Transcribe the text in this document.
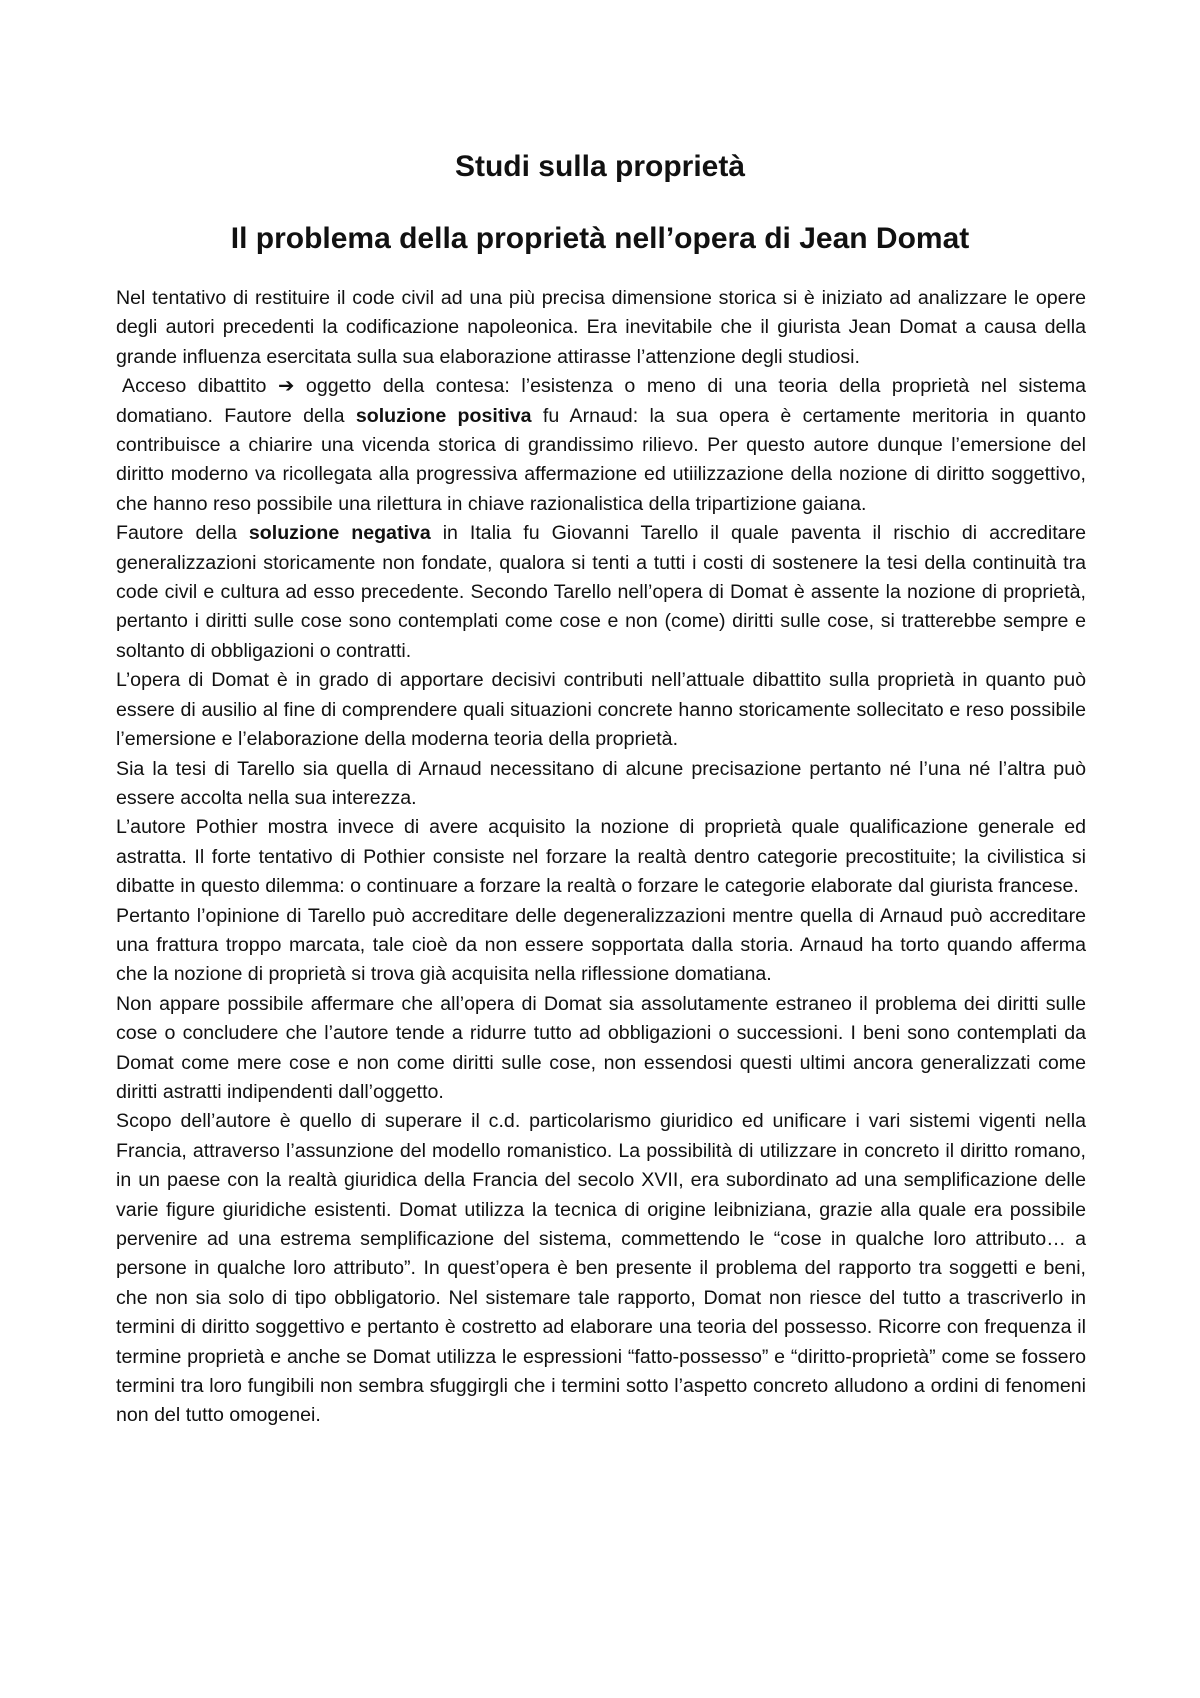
Studi sulla proprietà
Il problema della proprietà nell’opera di Jean Domat

Nel tentativo di restituire il code civil ad una più precisa dimensione storica si è iniziato ad analizzare le opere degli autori precedenti la codificazione napoleonica. Era inevitabile che il giurista Jean Domat a causa della grande influenza esercitata sulla sua elaborazione attirasse l’attenzione degli studiosi.

Acceso dibattito ➔ oggetto della contesa: l’esistenza o meno di una teoria della proprietà nel sistema domatiano. Fautore della soluzione positiva fu Arnaud: la sua opera è certamente meritoria in quanto contribuisce a chiarire una vicenda storica di grandissimo rilievo. Per questo autore dunque l’emersione del diritto moderno va ricollegata alla progressiva affermazione ed utiilizzazione della nozione di diritto soggettivo, che hanno reso possibile una rilettura in chiave razionalistica della tripartizione gaiana.

Fautore della soluzione negativa in Italia fu Giovanni Tarello il quale paventa il rischio di accreditare generalizzazioni storicamente non fondate, qualora si tenti a tutti i costi di sostenere la tesi della continuità tra code civil e cultura ad esso precedente. Secondo Tarello nell’opera di Domat è assente la nozione di proprietà, pertanto i diritti sulle cose sono contemplati come cose e non (come) diritti sulle cose, si tratterebbe sempre e soltanto di obbligazioni o contratti.

L’opera di Domat è in grado di apportare decisivi contributi nell’attuale dibattito sulla proprietà in quanto può essere di ausilio al fine di comprendere quali situazioni concrete hanno storicamente sollecitato e reso possibile l’emersione e l’elaborazione della moderna teoria della proprietà.

Sia la tesi di Tarello sia quella di Arnaud necessitano di alcune precisazione pertanto né l’una né l’altra può essere accolta nella sua interezza.

L’autore Pothier mostra invece di avere acquisito la nozione di proprietà quale qualificazione generale ed astratta. Il forte tentativo di Pothier consiste nel forzare la realtà dentro categorie precostituite; la civilistica si dibatte in questo dilemma: o continuare a forzare la realtà o forzare le categorie elaborate dal giurista francese.

Pertanto l’opinione di Tarello può accreditare delle degeneralizzazioni mentre quella di Arnaud può accreditare una frattura troppo marcata, tale cioè da non essere sopportata dalla storia. Arnaud ha torto quando afferma che la nozione di proprietà si trova già acquisita nella riflessione domatiana.

Non appare possibile affermare che all’opera di Domat sia assolutamente estraneo il problema dei diritti sulle cose o concludere che l’autore tende a ridurre tutto ad obbligazioni o successioni. I beni sono contemplati da Domat come mere cose e non come diritti sulle cose, non essendosi questi ultimi ancora generalizzati come diritti astratti indipendenti dall’oggetto.

Scopo dell’autore è quello di superare il c.d. particolarismo giuridico ed unificare i vari sistemi vigenti nella Francia, attraverso l’assunzione del modello romanistico. La possibilità di utilizzare in concreto il diritto romano, in un paese con la realtà giuridica della Francia del secolo XVII, era subordinato ad una semplificazione delle varie figure giuridiche esistenti. Domat utilizza la tecnica di origine leibniziana, grazie alla quale era possibile pervenire ad una estrema semplificazione del sistema, commettendo le “cose in qualche loro attributo… a persone in qualche loro attributo”. In quest’opera è ben presente il problema del rapporto tra soggetti e beni, che non sia solo di tipo obbligatorio. Nel sistemare tale rapporto, Domat non riesce del tutto a trascriverlo in termini di diritto soggettivo e pertanto è costretto ad elaborare una teoria del possesso. Ricorre con frequenza il termine proprietà e anche se Domat utilizza le espressioni “fatto-possesso” e “diritto-proprietà” come se fossero termini tra loro fungibili non sembra sfuggirgli che i termini sotto l’aspetto concreto alludono a ordini di fenomeni non del tutto omogenei.
